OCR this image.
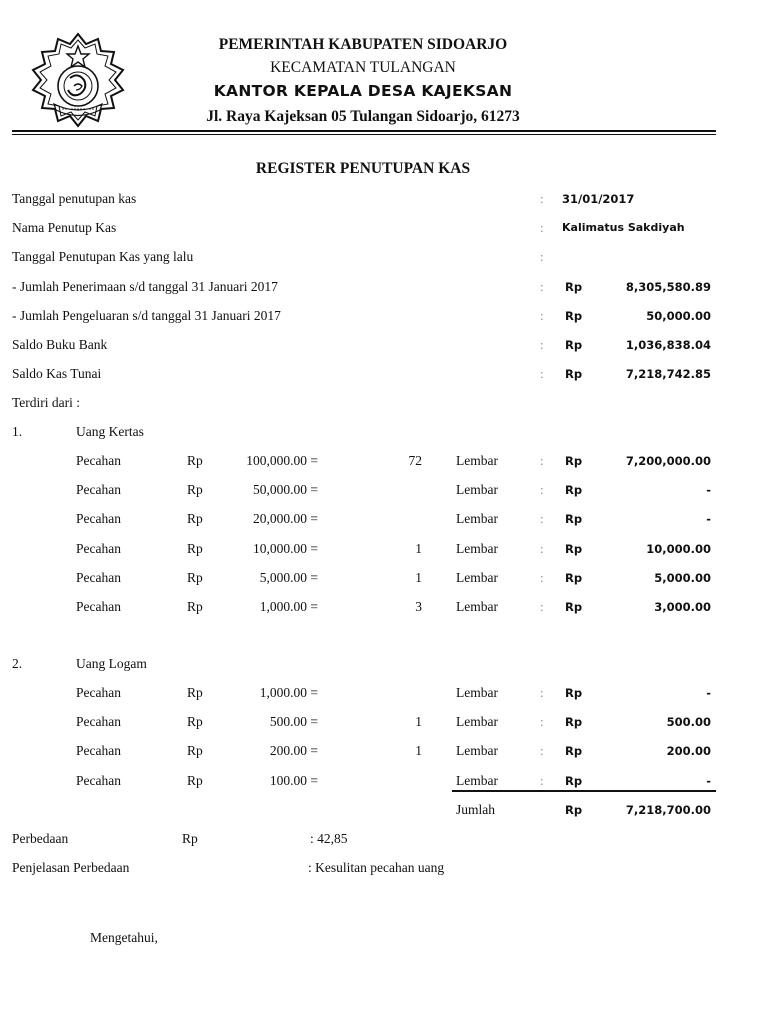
PEMERINTAH KABUPATEN SIDOARJO
KECAMATAN TULANGAN
KANTOR KEPALA DESA KAJEKSAN
Jl. Raya Kajeksan 05 Tulangan Sidoarjo, 61273
REGISTER PENUTUPAN KAS
Tanggal penutupan kas	: 31/01/2017
Nama Penutup Kas	: Kalimatus Sakdiyah
Tanggal Penutupan Kas yang lalu	:
- Jumlah Penerimaan s/d tanggal 31 Januari 2017	: Rp	8,305,580.89
- Jumlah Pengeluaran s/d tanggal 31 Januari 2017	: Rp	50,000.00
Saldo Buku Bank	: Rp	1,036,838.04
Saldo Kas Tunai	: Rp	7,218,742.85
Terdiri dari :
1.	Uang Kertas
Pecahan	Rp	100,000.00 =	72	Lembar	: Rp	7,200,000.00
Pecahan	Rp	50,000.00 =	Lembar	: Rp	-
Pecahan	Rp	20,000.00 =	Lembar	: Rp	-
Pecahan	Rp	10,000.00 =	1	Lembar	: Rp	10,000.00
Pecahan	Rp	5,000.00 =	1	Lembar	: Rp	5,000.00
Pecahan	Rp	1,000.00 =	3	Lembar	: Rp	3,000.00
2.	Uang Logam
Pecahan	Rp	1,000.00 =	Lembar	: Rp	-
Pecahan	Rp	500.00 =	1	Lembar	: Rp	500.00
Pecahan	Rp	200.00 =	1	Lembar	: Rp	200.00
Pecahan	Rp	100.00 =	Lembar	: Rp	-
Jumlah	Rp	7,218,700.00
Perbedaan	Rp	: 42,85
Penjelasan Perbedaan	: Kesulitan pecahan uang
Mengetahui,
